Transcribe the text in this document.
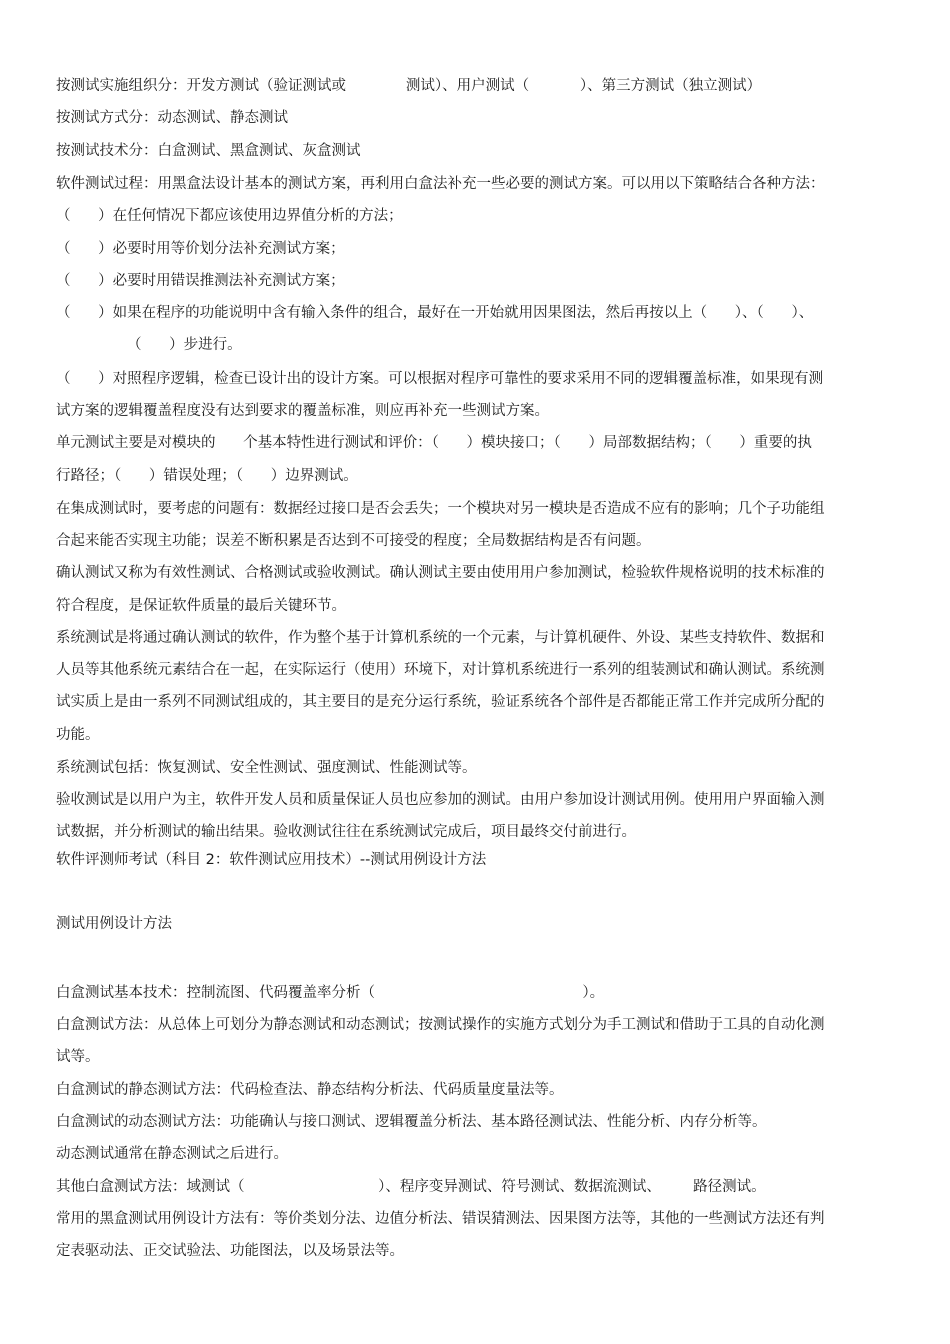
按测试实施组织分：开发方测试（验证测试或             测试）、用户测试（           ）、第三方测试（独立测试）

按测试方式分：动态测试、静态测试

按测试技术分：白盒测试、黑盒测试、灰盒测试

软件测试过程：用黑盒法设计基本的测试方案，再利用白盒法补充一些必要的测试方案。可以用以下策略结合各种方法：

（      ）在任何情况下都应该使用边界值分析的方法；

（      ）必要时用等价划分法补充测试方案；

（      ）必要时用错误推测法补充测试方案；

（      ）如果在程序的功能说明中含有输入条件的组合，最好在一开始就用因果图法，然后再按以上（      ）、（      ）、

（      ）步进行。

（      ）对照程序逻辑，检查已设计出的设计方案。可以根据对程序可靠性的要求采用不同的逻辑覆盖标准，如果现有测

试方案的逻辑覆盖程度没有达到要求的覆盖标准，则应再补充一些测试方案。

单元测试主要是对模块的      个基本特性进行测试和评价：（      ）模块接口；（      ）局部数据结构；（      ）重要的执

行路径；（      ）错误处理；（      ）边界测试。

在集成测试时，要考虑的问题有：数据经过接口是否会丢失；一个模块对另一模块是否造成不应有的影响；几个子功能组

合起来能否实现主功能；误差不断积累是否达到不可接受的程度；全局数据结构是否有问题。

确认测试又称为有效性测试、合格测试或验收测试。确认测试主要由使用用户参加测试，检验软件规格说明的技术标准的

符合程度，是保证软件质量的最后关键环节。

系统测试是将通过确认测试的软件，作为整个基于计算机系统的一个元素，与计算机硬件、外设、某些支持软件、数据和

人员等其他系统元素结合在一起，在实际运行（使用）环境下，对计算机系统进行一系列的组装测试和确认测试。系统测

试实质上是由一系列不同测试组成的，其主要目的是充分运行系统，验证系统各个部件是否都能正常工作并完成所分配的

功能。

系统测试包括：恢复测试、安全性测试、强度测试、性能测试等。

验收测试是以用户为主，软件开发人员和质量保证人员也应参加的测试。由用户参加设计测试用例。使用用户界面输入测

试数据，并分析测试的输出结果。验收测试往往在系统测试完成后，项目最终交付前进行。

软件评测师考试（科目 2：软件测试应用技术）--测试用例设计方法

测试用例设计方法

白盒测试基本技术：控制流图、代码覆盖率分析（                                             ）。

白盒测试方法：从总体上可划分为静态测试和动态测试；按测试操作的实施方式划分为手工测试和借助于工具的自动化测

试等。

白盒测试的静态测试方法：代码检查法、静态结构分析法、代码质量度量法等。

白盒测试的动态测试方法：功能确认与接口测试、逻辑覆盖分析法、基本路径测试法、性能分析、内存分析等。

动态测试通常在静态测试之后进行。

其他白盒测试方法：域测试（                             ）、程序变异测试、符号测试、数据流测试、       路径测试。

常用的黑盒测试用例设计方法有：等价类划分法、边值分析法、错误猜测法、因果图方法等，其他的一些测试方法还有判

定表驱动法、正交试验法、功能图法，以及场景法等。
